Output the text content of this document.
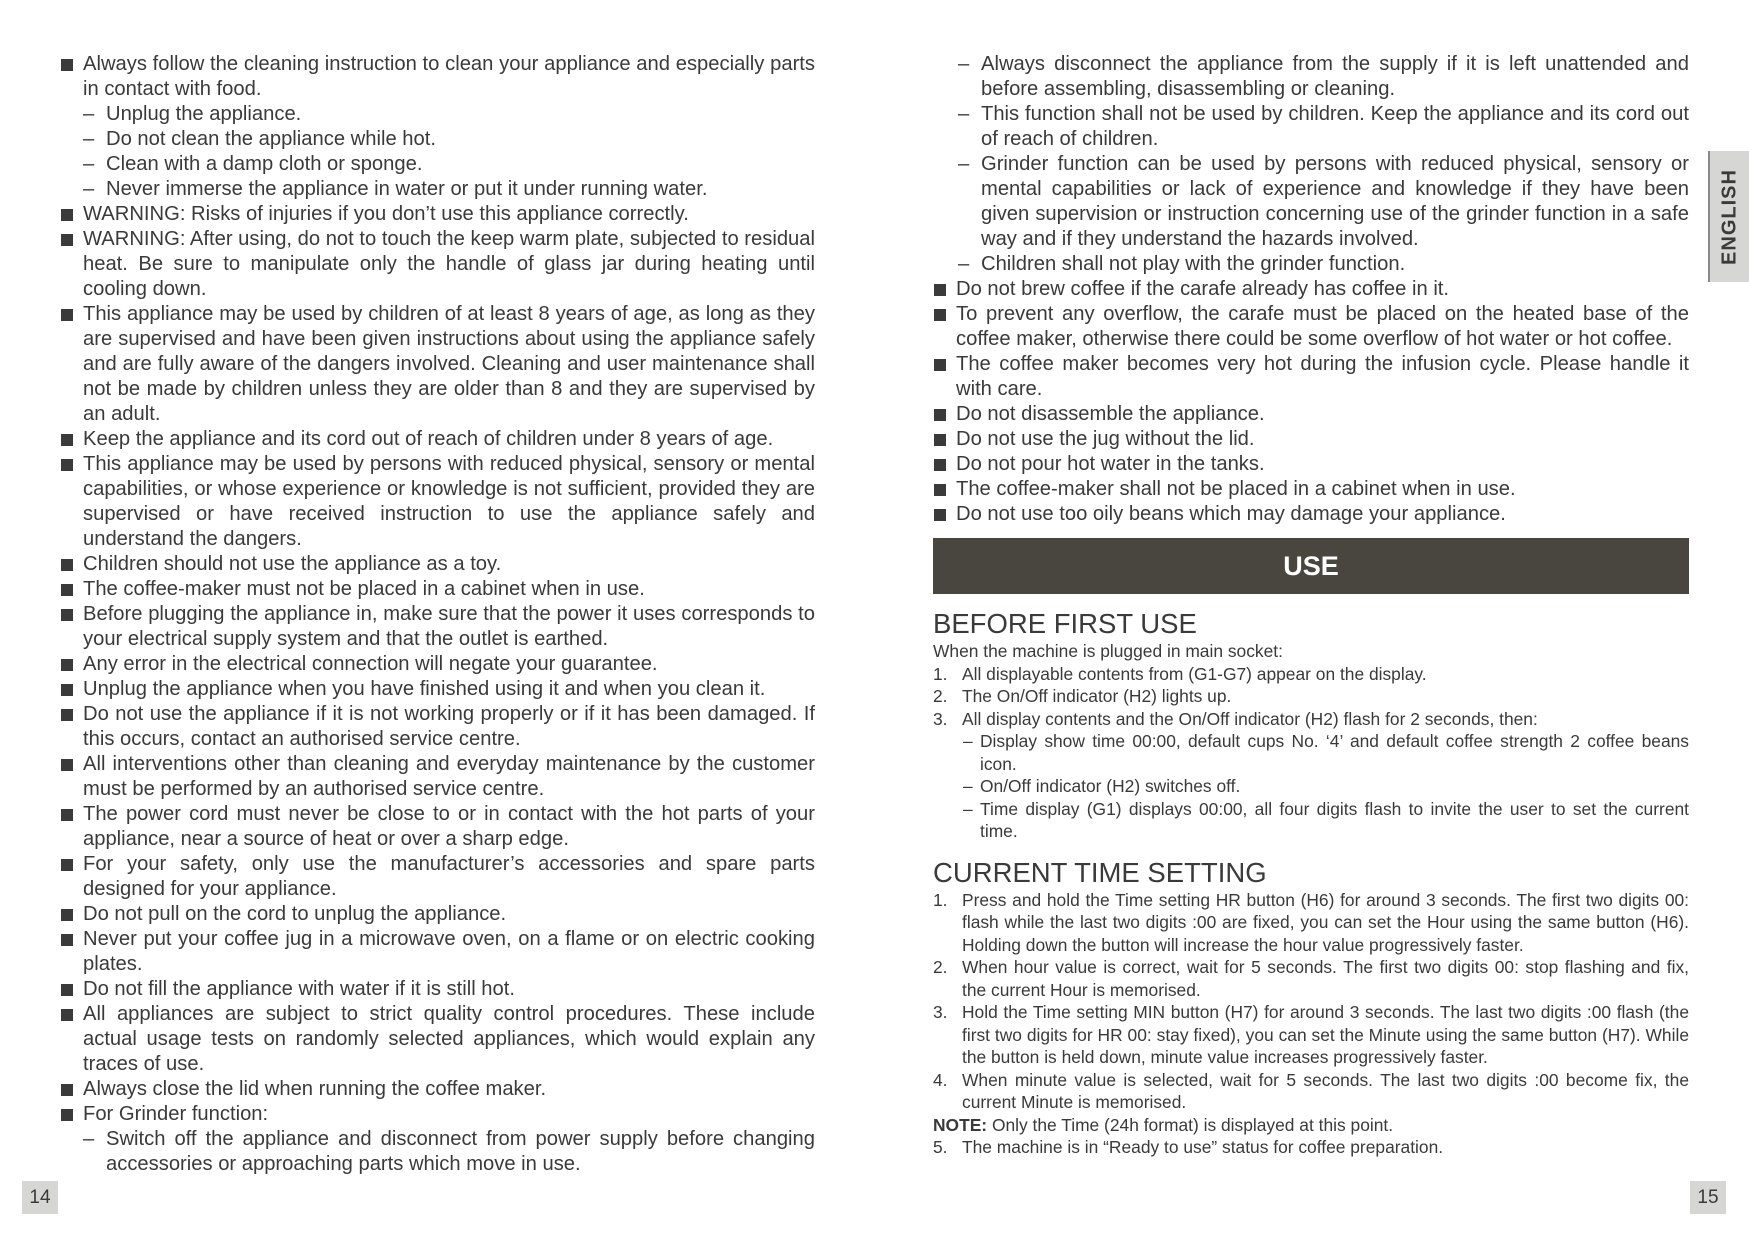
Always follow the cleaning instruction to clean your appliance and especially parts in contact with food.
– Unplug the appliance.
– Do not clean the appliance while hot.
– Clean with a damp cloth or sponge.
– Never immerse the appliance in water or put it under running water.
WARNING: Risks of injuries if you don’t use this appliance correctly.
WARNING: After using, do not to touch the keep warm plate, subjected to residual heat. Be sure to manipulate only the handle of glass jar during heating until cooling down.
This appliance may be used by children of at least 8 years of age, as long as they are supervised and have been given instructions about using the appliance safely and are fully aware of the dangers involved. Cleaning and user maintenance shall not be made by children unless they are older than 8 and they are supervised by an adult.
Keep the appliance and its cord out of reach of children under 8 years of age.
This appliance may be used by persons with reduced physical, sensory or mental capabilities, or whose experience or knowledge is not sufficient, provided they are supervised or have received instruction to use the appliance safely and understand the dangers.
Children should not use the appliance as a toy.
The coffee-maker must not be placed in a cabinet when in use.
Before plugging the appliance in, make sure that the power it uses corresponds to your electrical supply system and that the outlet is earthed.
Any error in the electrical connection will negate your guarantee.
Unplug the appliance when you have finished using it and when you clean it.
Do not use the appliance if it is not working properly or if it has been damaged. If this occurs, contact an authorised service centre.
All interventions other than cleaning and everyday maintenance by the customer must be performed by an authorised service centre.
The power cord must never be close to or in contact with the hot parts of your appliance, near a source of heat or over a sharp edge.
For your safety, only use the manufacturer’s accessories and spare parts designed for your appliance.
Do not pull on the cord to unplug the appliance.
Never put your coffee jug in a microwave oven, on a flame or on electric cooking plates.
Do not fill the appliance with water if it is still hot.
All appliances are subject to strict quality control procedures. These include actual usage tests on randomly selected appliances, which would explain any traces of use.
Always close the lid when running the coffee maker.
For Grinder function:
– Switch off the appliance and disconnect from power supply before changing accessories or approaching parts which move in use.
– Always disconnect the appliance from the supply if it is left unattended and before assembling, disassembling or cleaning.
– This function shall not be used by children. Keep the appliance and its cord out of reach of children.
– Grinder function can be used by persons with reduced physical, sensory or mental capabilities or lack of experience and knowledge if they have been given supervision or instruction concerning use of the grinder function in a safe way and if they understand the hazards involved.
– Children shall not play with the grinder function.
Do not brew coffee if the carafe already has coffee in it.
To prevent any overflow, the carafe must be placed on the heated base of the coffee maker, otherwise there could be some overflow of hot water or hot coffee.
The coffee maker becomes very hot during the infusion cycle. Please handle it with care.
Do not disassemble the appliance.
Do not use the jug without the lid.
Do not pour hot water in the tanks.
The coffee-maker shall not be placed in a cabinet when in use.
Do not use too oily beans which may damage your appliance.
USE
BEFORE FIRST USE
When the machine is plugged in main socket:
1. All displayable contents from (G1-G7) appear on the display.
2. The On/Off indicator (H2) lights up.
3. All display contents and the On/Off indicator (H2) flash for 2 seconds, then:
– Display show time 00:00, default cups No. ‘4’ and default coffee strength 2 coffee beans icon.
– On/Off indicator (H2) switches off.
– Time display (G1) displays 00:00, all four digits flash to invite the user to set the current time.
CURRENT TIME SETTING
1. Press and hold the Time setting HR button (H6) for around 3 seconds. The first two digits 00: flash while the last two digits :00 are fixed, you can set the Hour using the same button (H6). Holding down the button will increase the hour value progressively faster.
2. When hour value is correct, wait for 5 seconds. The first two digits 00: stop flashing and fix, the current Hour is memorised.
3. Hold the Time setting MIN button (H7) for around 3 seconds. The last two digits :00 flash (the first two digits for HR 00: stay fixed), you can set the Minute using the same button (H7). While the button is held down, minute value increases progressively faster.
4. When minute value is selected, wait for 5 seconds. The last two digits :00 become fix, the current Minute is memorised.
NOTE: Only the Time (24h format) is displayed at this point.
5. The machine is in “Ready to use” status for coffee preparation.
ENGLISH
14	15
